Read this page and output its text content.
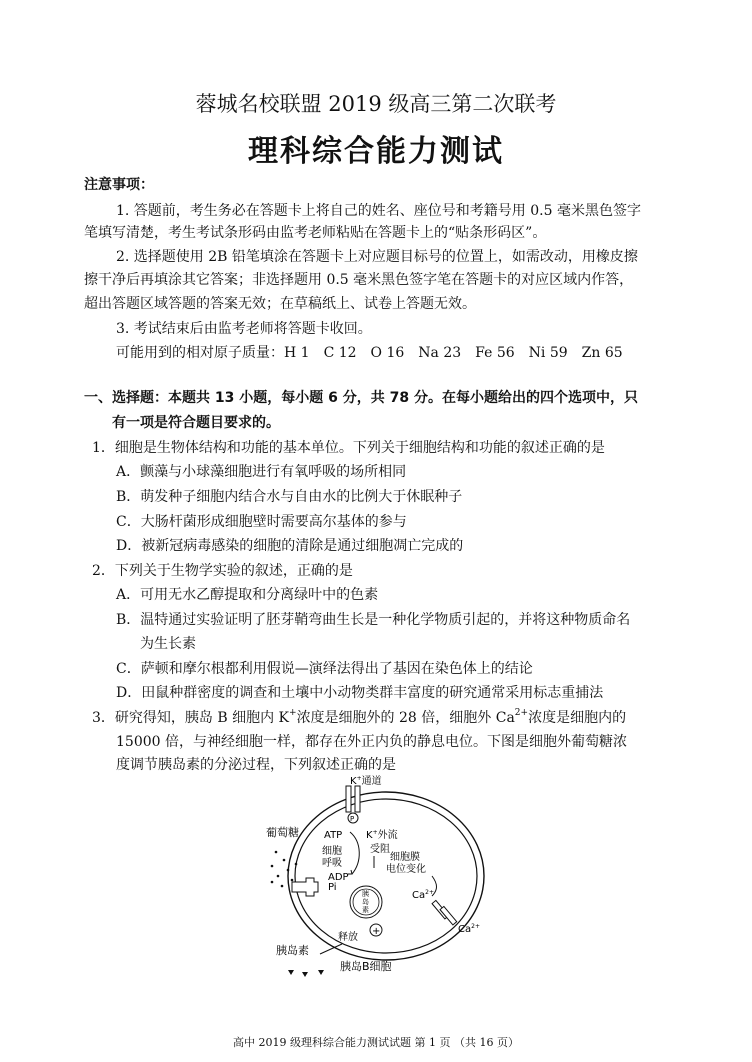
蓉城名校联盟 2019 级高三第二次联考
理科综合能力测试
注意事项：
1. 答题前，考生务必在答题卡上将自己的姓名、座位号和考籍号用 0.5 毫米黑色签字
笔填写清楚，考生考试条形码由监考老师粘贴在答题卡上的“贴条形码区”。
2. 选择题使用 2B 铅笔填涂在答题卡上对应题目标号的位置上，如需改动，用橡皮擦
擦干净后再填涂其它答案；非选择题用 0.5 毫米黑色签字笔在答题卡的对应区域内作答，
超出答题区域答题的答案无效；在草稿纸上、试卷上答题无效。
3. 考试结束后由监考老师将答题卡收回。
可能用到的相对原子质量：H 1　C 12　O 16　Na 23　Fe 56　Ni 59　Zn 65
一、选择题：本题共 13 小题，每小题 6 分，共 78 分。在每小题给出的四个选项中，只
有一项是符合题目要求的。
1．细胞是生物体结构和功能的基本单位。下列关于细胞结构和功能的叙述正确的是
A．颤藻与小球藻细胞进行有氧呼吸的场所相同
B．萌发种子细胞内结合水与自由水的比例大于休眠种子
C．大肠杆菌形成细胞壁时需要高尔基体的参与
D．被新冠病毒感染的细胞的清除是通过细胞凋亡完成的
2．下列关于生物学实验的叙述，正确的是
A．可用无水乙醇提取和分离绿叶中的色素
B．温特通过实验证明了胚芽鞘弯曲生长是一种化学物质引起的，并将这种物质命名
为生长素
C．萨顿和摩尔根都利用假说—演绎法得出了基因在染色体上的结论
D．田鼠种群密度的调查和土壤中小动物类群丰富度的研究通常采用标志重捕法
3．研究得知，胰岛 B 细胞内 K+浓度是细胞外的 28 倍，细胞外 $Ca^{2+}$浓度是细胞内的
15000 倍，与神经细胞一样，都存在外正内负的静息电位。下图是细胞外葡萄糖浓
度调节胰岛素的分泌过程，下列叙述正确的是
K+通道
P
葡萄糖	ATP
细胞
呼吸
ADP
Pi
K+外流
受阻
细胞膜
电位变化
胰
岛
素
$Ca^{2+}$
$Ca^{2+}$
+
释放
胰岛素
胰岛B细胞
高中 2019 级理科综合能力测试试题 第 1 页 （共 16 页）
